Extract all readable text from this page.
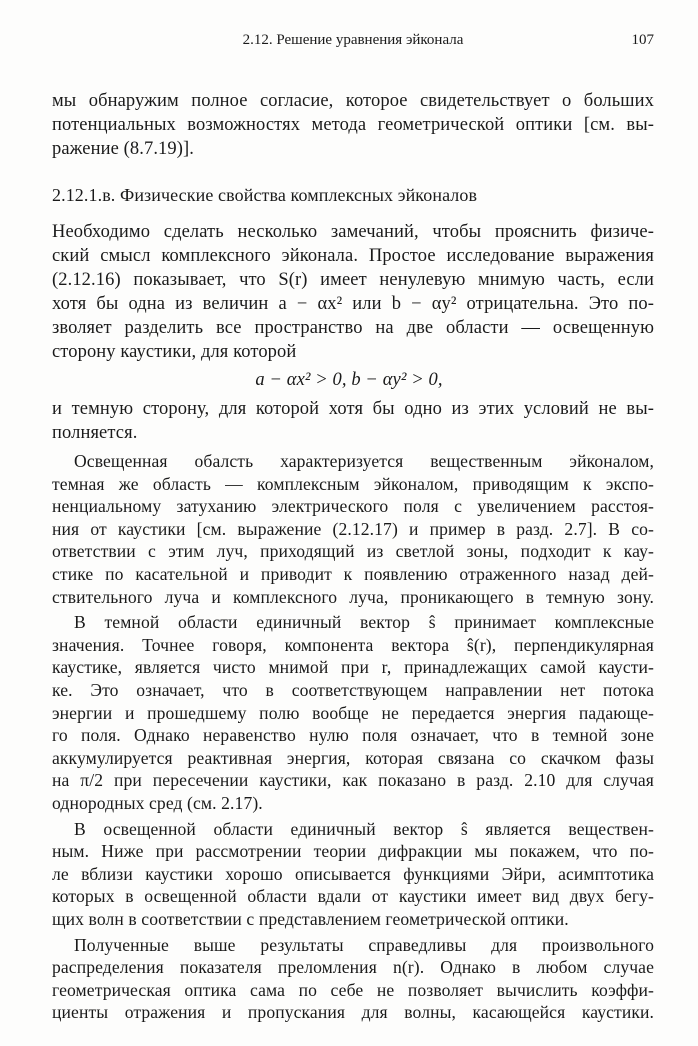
2.12. Решение уравнения эйконала	107
мы обнаружим полное согласие, которое свидетельствует о больших
потенциальных возможностях метода геометрической оптики [см. вы-
ражение (8.7.19)].
2.12.1.в. Физические свойства комплексных эйконалов
Необходимо сделать несколько замечаний, чтобы прояснить физиче-
ский смысл комплексного эйконала. Простое исследование выражения
(2.12.16) показывает, что S(r) имеет ненулевую мнимую часть, если
хотя бы одна из величин a − αx² или b − αy² отрицательна. Это по-
зволяет разделить все пространство на две области — освещенную
сторону каустики, для которой
a − αx² > 0, b − αy² > 0,
и темную сторону, для которой хотя бы одно из этих условий не вы-
полняется.
Освещенная обалсть характеризуется вещественным эйконалом,
темная же область — комплексным эйконалом, приводящим к экспо-
ненциальному затуханию электрического поля с увеличением расстоя-
ния от каустики [см. выражение (2.12.17) и пример в разд. 2.7]. В со-
ответствии с этим луч, приходящий из светлой зоны, подходит к кау-
стике по касательной и приводит к появлению отраженного назад дей-
ствительного луча и комплексного луча, проникающего в темную зону.
В темной области единичный вектор ŝ принимает комплексные
значения. Точнее говоря, компонента вектора ŝ(r), перпендикулярная
каустике, является чисто мнимой при r, принадлежащих самой каусти-
ке. Это означает, что в соответствующем направлении нет потока
энергии и прошедшему полю вообще не передается энергия падающе-
го поля. Однако неравенство нулю поля означает, что в темной зоне
аккумулируется реактивная энергия, которая связана со скачком фазы
на π/2 при пересечении каустики, как показано в разд. 2.10 для случая
однородных сред (см. 2.17).
В освещенной области единичный вектор ŝ является веществен-
ным. Ниже при рассмотрении теории дифракции мы покажем, что по-
ле вблизи каустики хорошо описывается функциями Эйри, асимптотика
которых в освещенной области вдали от каустики имеет вид двух бегу-
щих волн в соответствии с представлением геометрической оптики.
Полученные выше результаты справедливы для произвольного
распределения показателя преломления n(r). Однако в любом случае
геометрическая оптика сама по себе не позволяет вычислить коэффи-
циенты отражения и пропускания для волны, касающейся каустики.
